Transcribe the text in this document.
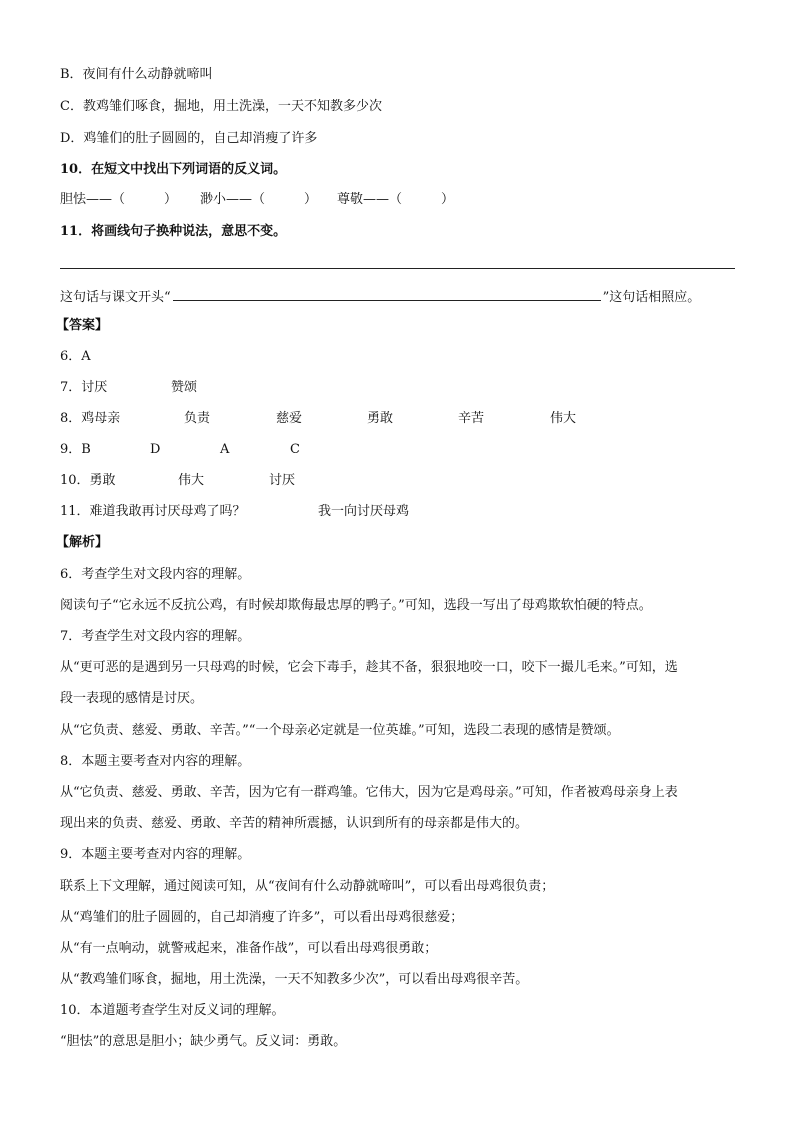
B．夜间有什么动静就啼叫
C．教鸡雏们啄食，掘地，用土洗澡，一天不知教多少次
D．鸡雏们的肚子圆圆的，自己却消瘦了许多
10．在短文中找出下列词语的反义词。
胆怯——（　　　） 渺小——（　　　） 尊敬——（　　　）
11．将画线句子换种说法，意思不变。
这句话与课文开头“	”这句话相照应。
【答案】
6．A
7．讨厌	赞颂
8．鸡母亲	负责	慈爱	勇敢	辛苦	伟大
9．B	D	A	C
10．勇敢	伟大	讨厌
11．难道我敢再讨厌母鸡了吗？	我一向讨厌母鸡
【解析】
6．考查学生对文段内容的理解。
阅读句子“它永远不反抗公鸡，有时候却欺侮最忠厚的鸭子。”可知，选段一写出了母鸡欺软怕硬的特点。
7．考查学生对文段内容的理解。
从“更可恶的是遇到另一只母鸡的时候，它会下毒手，趁其不备，狠狠地咬一口，咬下一撮儿毛来。”可知，选
段一表现的感情是讨厌。
从“它负责、慈爱、勇敢、辛苦。”“一个母亲必定就是一位英雄。”可知，选段二表现的感情是赞颂。
8．本题主要考查对内容的理解。
从“它负责、慈爱、勇敢、辛苦，因为它有一群鸡雏。它伟大，因为它是鸡母亲。”可知，作者被鸡母亲身上表
现出来的负责、慈爱、勇敢、辛苦的精神所震撼，认识到所有的母亲都是伟大的。
9．本题主要考查对内容的理解。
联系上下文理解，通过阅读可知，从“夜间有什么动静就啼叫”，可以看出母鸡很负责；
从“鸡雏们的肚子圆圆的，自己却消瘦了许多”，可以看出母鸡很慈爱；
从“有一点响动，就警戒起来，准备作战”，可以看出母鸡很勇敢；
从“教鸡雏们啄食，掘地，用土洗澡，一天不知教多少次”，可以看出母鸡很辛苦。
10．本道题考查学生对反义词的理解。
“胆怯”的意思是胆小；缺少勇气。反义词：勇敢。
